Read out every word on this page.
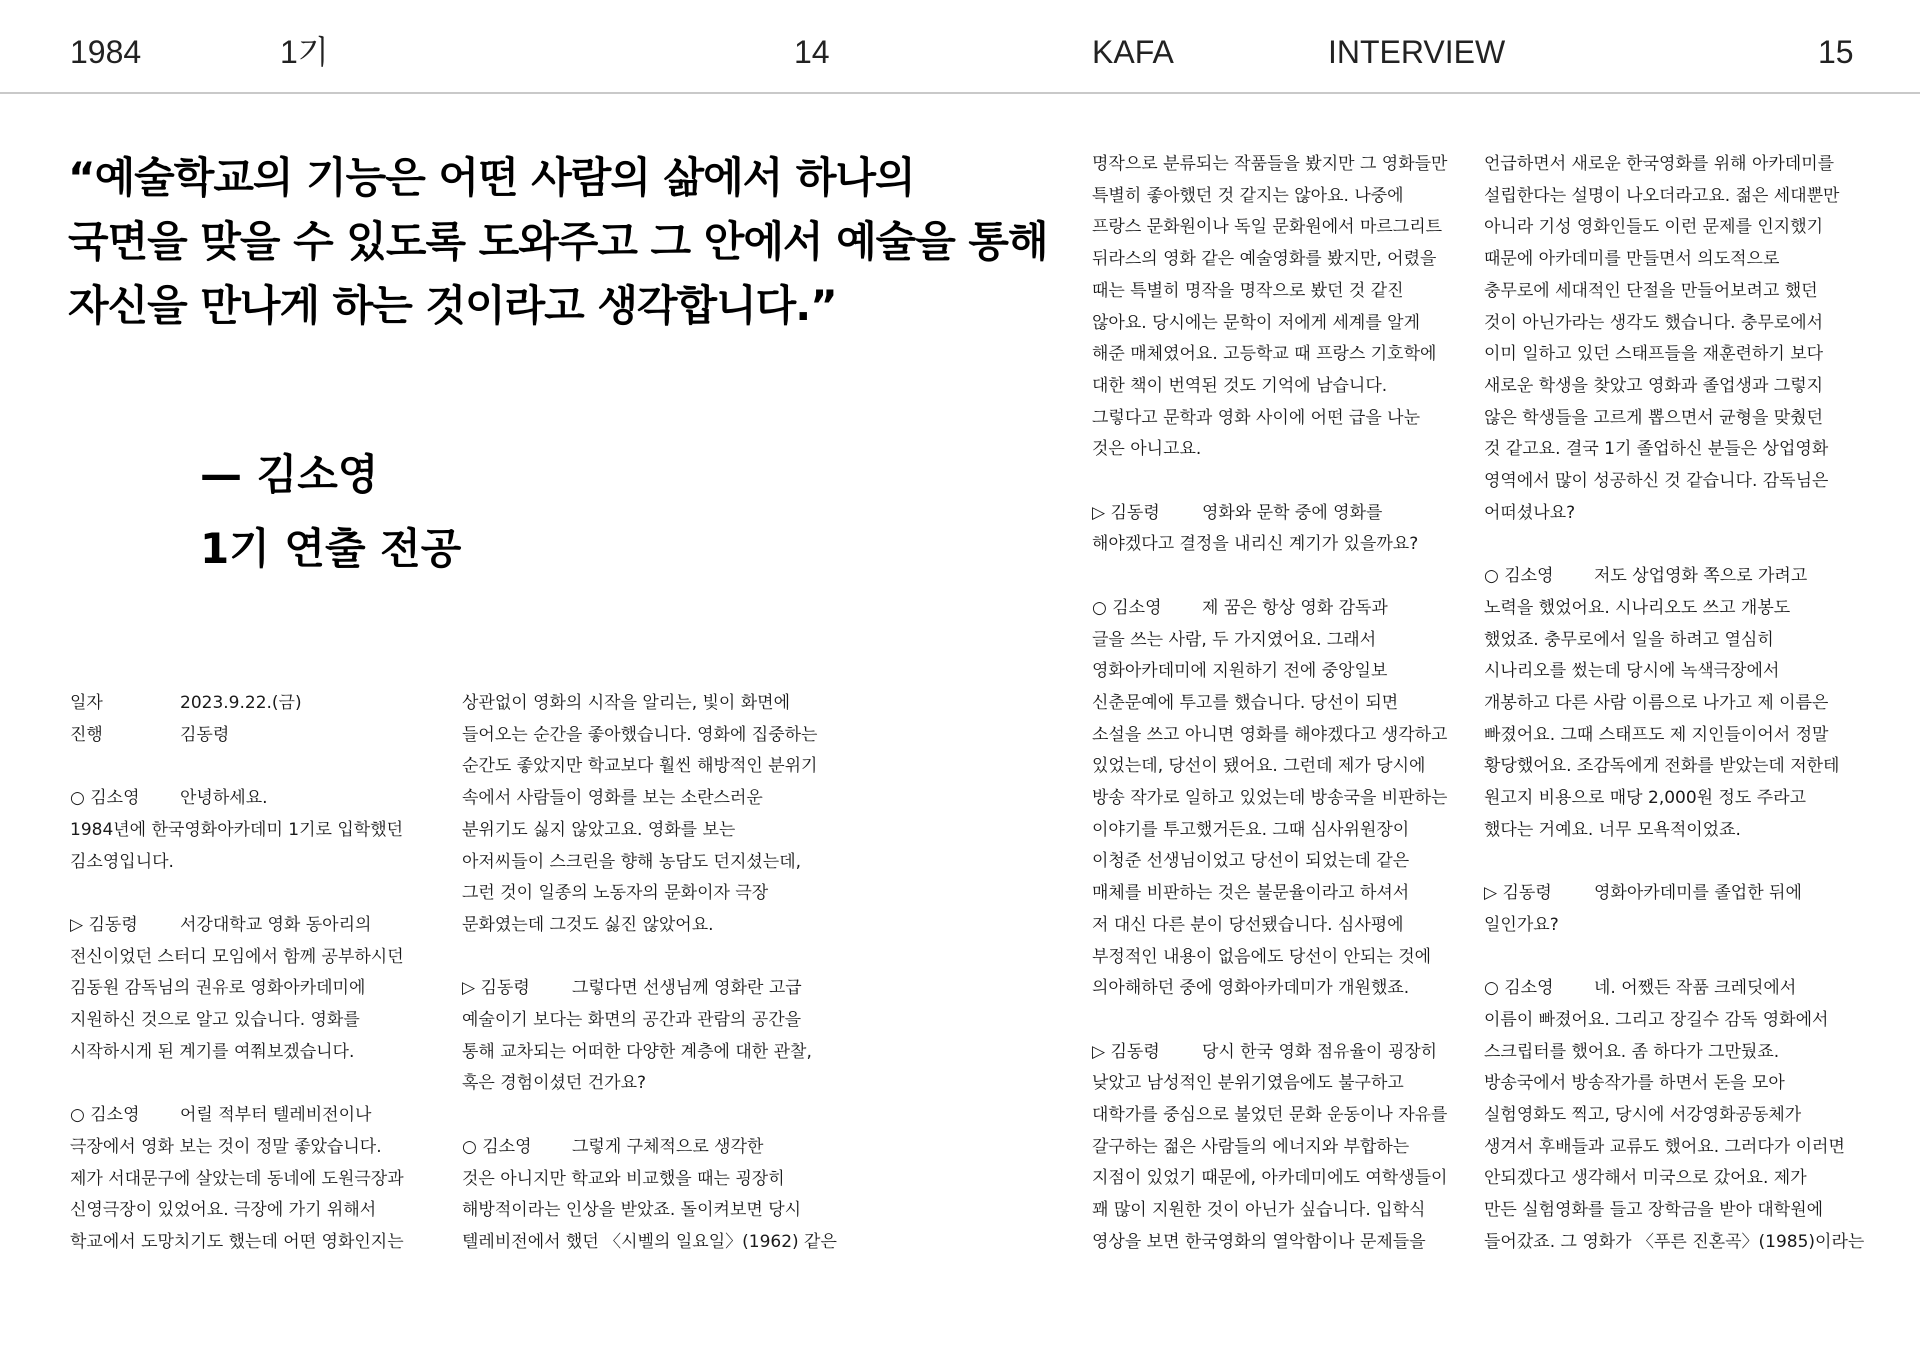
1984	1기	14	KAFA	INTERVIEW	15

“예술학교의 기능은 어떤 사람의 삶에서 하나의

국면을 맞을 수 있도록 도와주고 그 안에서 예술을 통해

자신을 만나게 하는 것이라고 생각합니다.”

— 김소영

1기 연출 전공

일자	2023.9.22.(금)
진행	김동령

○ 김소영 안녕하세요.

1984년에 한국영화아카데미 1기로 입학했던

김소영입니다.

▷ 김동령 서강대학교 영화 동아리의

전신이었던 스터디 모임에서 함께 공부하시던

김동원 감독님의 권유로 영화아카데미에

지원하신 것으로 알고 있습니다. 영화를

시작하시게 된 계기를 여쭤보겠습니다.

○ 김소영 어릴 적부터 텔레비전이나

극장에서 영화 보는 것이 정말 좋았습니다.

제가 서대문구에 살았는데 동네에 도원극장과

신영극장이 있었어요. 극장에 가기 위해서

학교에서 도망치기도 했는데 어떤 영화인지는

상관없이 영화의 시작을 알리는, 빛이 화면에

들어오는 순간을 좋아했습니다. 영화에 집중하는

순간도 좋았지만 학교보다 훨씬 해방적인 분위기

속에서 사람들이 영화를 보는 소란스러운

분위기도 싫지 않았고요. 영화를 보는

아저씨들이 스크린을 향해 농담도 던지셨는데,

그런 것이 일종의 노동자의 문화이자 극장

문화였는데 그것도 싫진 않았어요.

▷ 김동령 그렇다면 선생님께 영화란 고급

예술이기 보다는 화면의 공간과 관람의 공간을

통해 교차되는 어떠한 다양한 계층에 대한 관찰,

혹은 경험이셨던 건가요?

○ 김소영 그렇게 구체적으로 생각한

것은 아니지만 학교와 비교했을 때는 굉장히

해방적이라는 인상을 받았죠. 돌이켜보면 당시

텔레비전에서 했던 〈시벨의 일요일〉(1962) 같은

명작으로 분류되는 작품들을 봤지만 그 영화들만

특별히 좋아했던 것 같지는 않아요. 나중에

프랑스 문화원이나 독일 문화원에서 마르그리트

뒤라스의 영화 같은 예술영화를 봤지만, 어렸을

때는 특별히 명작을 명작으로 봤던 것 같진

않아요. 당시에는 문학이 저에게 세계를 알게

해준 매체였어요. 고등학교 때 프랑스 기호학에

대한 책이 번역된 것도 기억에 남습니다.

그렇다고 문학과 영화 사이에 어떤 급을 나눈

것은 아니고요.

▷ 김동령 영화와 문학 중에 영화를

해야겠다고 결정을 내리신 계기가 있을까요?

○ 김소영 제 꿈은 항상 영화 감독과

글을 쓰는 사람, 두 가지였어요. 그래서

영화아카데미에 지원하기 전에 중앙일보

신춘문예에 투고를 했습니다. 당선이 되면

소설을 쓰고 아니면 영화를 해야겠다고 생각하고

있었는데, 당선이 됐어요. 그런데 제가 당시에

방송 작가로 일하고 있었는데 방송국을 비판하는

이야기를 투고했거든요. 그때 심사위원장이

이청준 선생님이었고 당선이 되었는데 같은

매체를 비판하는 것은 불문율이라고 하셔서

저 대신 다른 분이 당선됐습니다. 심사평에

부정적인 내용이 없음에도 당선이 안되는 것에

의아해하던 중에 영화아카데미가 개원했죠.

▷ 김동령 당시 한국 영화 점유율이 굉장히

낮았고 남성적인 분위기였음에도 불구하고

대학가를 중심으로 불었던 문화 운동이나 자유를

갈구하는 젊은 사람들의 에너지와 부합하는

지점이 있었기 때문에, 아카데미에도 여학생들이

꽤 많이 지원한 것이 아닌가 싶습니다. 입학식

영상을 보면 한국영화의 열악함이나 문제들을

언급하면서 새로운 한국영화를 위해 아카데미를

설립한다는 설명이 나오더라고요. 젊은 세대뿐만

아니라 기성 영화인들도 이런 문제를 인지했기

때문에 아카데미를 만들면서 의도적으로

충무로에 세대적인 단절을 만들어보려고 했던

것이 아닌가라는 생각도 했습니다. 충무로에서

이미 일하고 있던 스태프들을 재훈련하기 보다

새로운 학생을 찾았고 영화과 졸업생과 그렇지

않은 학생들을 고르게 뽑으면서 균형을 맞췄던

것 같고요. 결국 1기 졸업하신 분들은 상업영화

영역에서 많이 성공하신 것 같습니다. 감독님은

어떠셨나요?

○ 김소영 저도 상업영화 쪽으로 가려고

노력을 했었어요. 시나리오도 쓰고 개봉도

했었죠. 충무로에서 일을 하려고 열심히

시나리오를 썼는데 당시에 녹색극장에서

개봉하고 다른 사람 이름으로 나가고 제 이름은

빠졌어요. 그때 스태프도 제 지인들이어서 정말

황당했어요. 조감독에게 전화를 받았는데 저한테

원고지 비용으로 매당 2,000원 정도 주라고

했다는 거예요. 너무 모욕적이었죠.

▷ 김동령 영화아카데미를 졸업한 뒤에

일인가요?

○ 김소영 네. 어쨌든 작품 크레딧에서

이름이 빠졌어요. 그리고 장길수 감독 영화에서

스크립터를 했어요. 좀 하다가 그만뒀죠.

방송국에서 방송작가를 하면서 돈을 모아

실험영화도 찍고, 당시에 서강영화공동체가

생겨서 후배들과 교류도 했어요. 그러다가 이러면

안되겠다고 생각해서 미국으로 갔어요. 제가

만든 실험영화를 들고 장학금을 받아 대학원에

들어갔죠. 그 영화가 〈푸른 진혼곡〉(1985)이라는
